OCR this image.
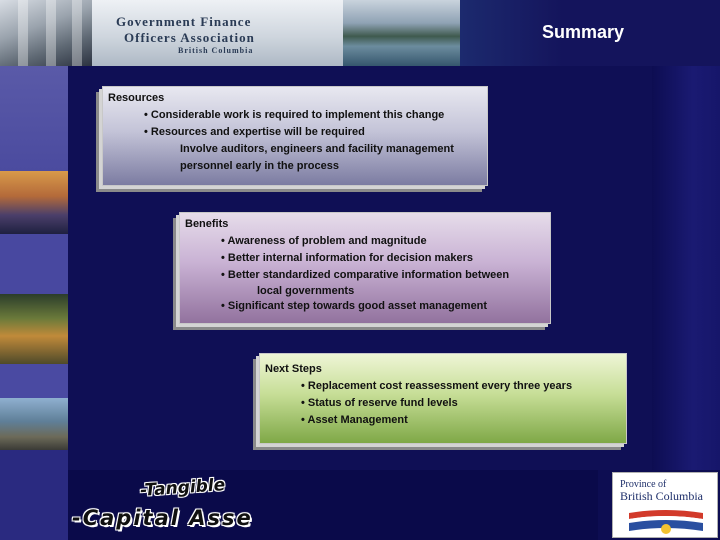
Government Finance
Officers Association
British Columbia
Summary
Resources
• Considerable work is required to implement this change
• Resources and expertise will be required
Involve auditors, engineers and facility management
personnel early in the process
Benefits
• Awareness of problem and magnitude
• Better internal information for decision makers
• Better standardized comparative information between
local governments
• Significant step towards good asset management
Next Steps
• Replacement cost reassessment every three years
• Status of reserve fund levels
• Asset Management
-Tangible
-Capital Asse
Province of
British Columbia
